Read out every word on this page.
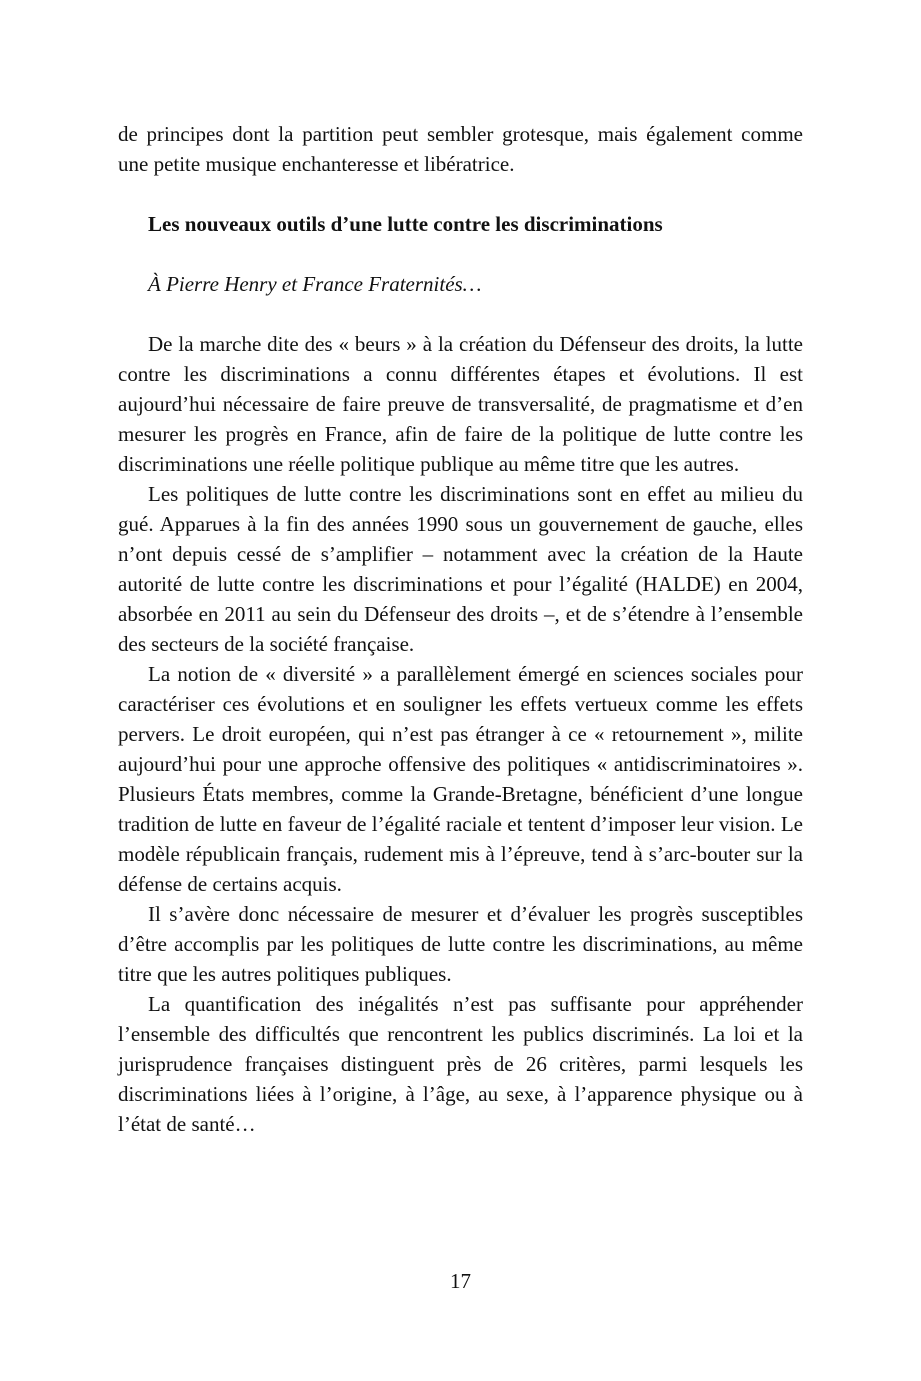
de principes dont la partition peut sembler grotesque, mais également comme une petite musique enchanteresse et libératrice.

Les nouveaux outils d’une lutte contre les discriminations
À Pierre Henry et France Fraternités…

De la marche dite des « beurs » à la création du Défenseur des droits, la lutte contre les discriminations a connu différentes étapes et évolutions. Il est aujourd’hui nécessaire de faire preuve de transversalité, de pragmatisme et d’en mesurer les progrès en France, afin de faire de la politique de lutte contre les discriminations une réelle politique publique au même titre que les autres.

Les politiques de lutte contre les discriminations sont en effet au milieu du gué. Apparues à la fin des années 1990 sous un gouvernement de gauche, elles n’ont depuis cessé de s’amplifier – notamment avec la création de la Haute autorité de lutte contre les discriminations et pour l’égalité (HALDE) en 2004, absorbée en 2011 au sein du Défenseur des droits –, et de s’étendre à l’ensemble des secteurs de la société française.

La notion de « diversité » a parallèlement émergé en sciences sociales pour caractériser ces évolutions et en souligner les effets vertueux comme les effets pervers. Le droit européen, qui n’est pas étranger à ce « retournement », milite aujourd’hui pour une approche offensive des politiques « antidiscriminatoires ». Plusieurs États membres, comme la Grande-Bretagne, bénéficient d’une longue tradition de lutte en faveur de l’égalité raciale et tentent d’imposer leur vision. Le modèle républicain français, rudement mis à l’épreuve, tend à s’arc-bouter sur la défense de certains acquis.

Il s’avère donc nécessaire de mesurer et d’évaluer les progrès susceptibles d’être accomplis par les politiques de lutte contre les discriminations, au même titre que les autres politiques publiques.

La quantification des inégalités n’est pas suffisante pour appréhender l’ensemble des difficultés que rencontrent les publics discriminés. La loi et la jurisprudence françaises distinguent près de 26 critères, parmi lesquels les discriminations liées à l’origine, à l’âge, au sexe, à l’apparence physique ou à l’état de santé…

17
